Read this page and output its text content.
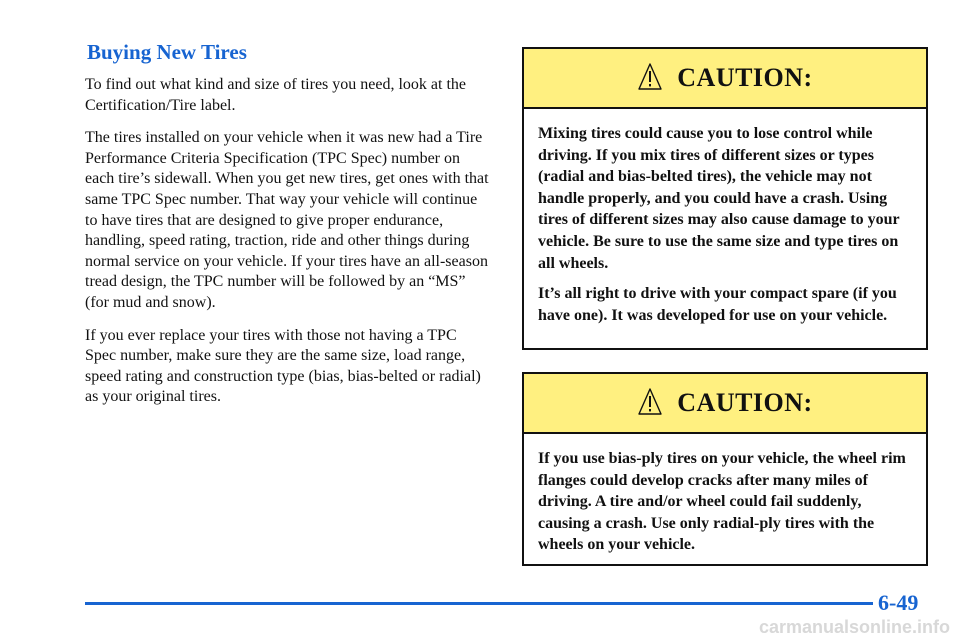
Buying New Tires

To find out what kind and size of tires you need, look at the Certification/Tire label.

The tires installed on your vehicle when it was new had a Tire Performance Criteria Specification (TPC Spec) number on each tire’s sidewall. When you get new tires, get ones with that same TPC Spec number. That way your vehicle will continue to have tires that are designed to give proper endurance, handling, speed rating, traction, ride and other things during normal service on your vehicle. If your tires have an all‑season tread design, the TPC number will be followed by an “MS” (for mud and snow).

If you ever replace your tires with those not having a TPC Spec number, make sure they are the same size, load range, speed rating and construction type (bias, bias‑belted or radial) as your original tires.

CAUTION:

Mixing tires could cause you to lose control while driving. If you mix tires of different sizes or types (radial and bias‑belted tires), the vehicle may not handle properly, and you could have a crash. Using tires of different sizes may also cause damage to your vehicle. Be sure to use the same size and type tires on all wheels.

It’s all right to drive with your compact spare (if you have one). It was developed for use on your vehicle.

CAUTION:

If you use bias‑ply tires on your vehicle, the wheel rim flanges could develop cracks after many miles of driving. A tire and/or wheel could fail suddenly, causing a crash. Use only radial‑ply tires with the wheels on your vehicle.

6-49
carmanualsonline.info
